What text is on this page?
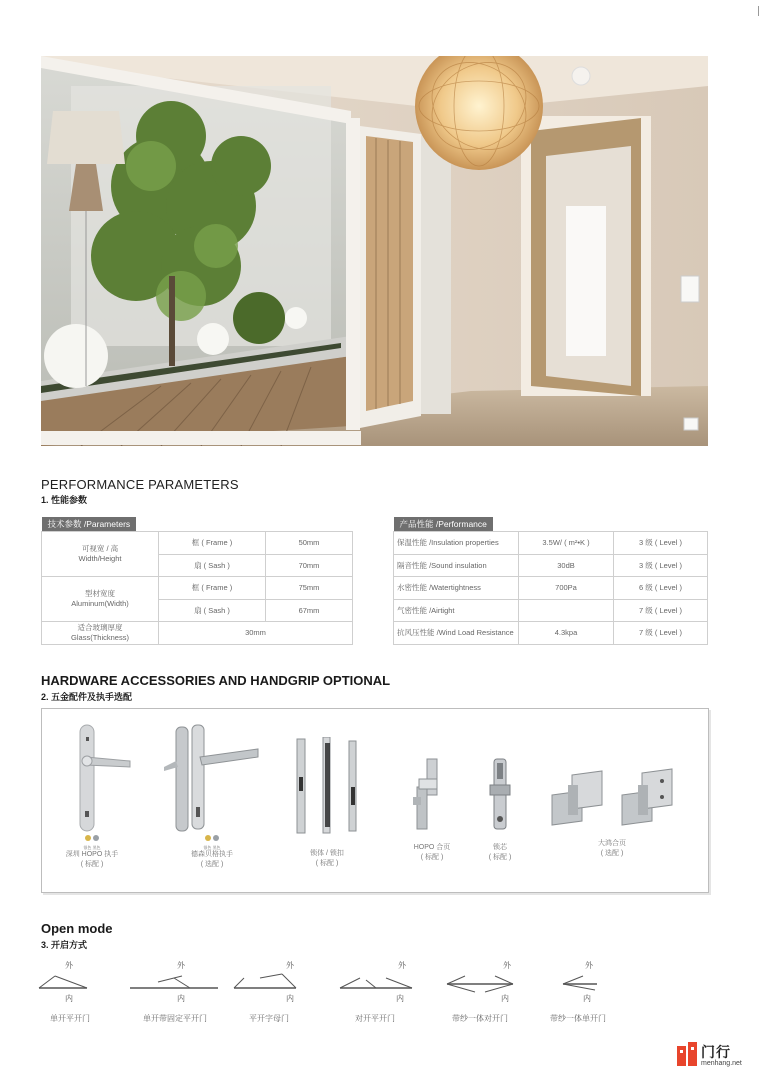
PERFORMANCE PARAMETERS
1. 性能参数
技术参数 /Parameters		

可视宽 / 高
Width/Height	框 ( Frame )	50mm
	扇 ( Sash )	70mm

型材宽度
Aluminum(Width)	框 ( Frame )	75mm
	扇 ( Sash )	67mm

适合玻璃厚度
Glass(Thickness)	30mm	
产品性能 /Performance		
保温性能 /Insulation properties	3.5W/ ( m²•K )	3 级 ( Level )
隔音性能 /Sound insulation	30dB	3 级 ( Level )
水密性能 /Watertightness	700Pa	6 级 ( Level )
气密性能 /Airtight		7 级 ( Level )
抗风压性能 /Wind Load Resistance	4.3kpa	7 级 ( Level )
HARDWARE ACCESSORIES AND HANDGRIP OPTIONAL
2. 五金配件及执手选配

银色 黑色
深圳 HOPO 执手
( 标配 )

银色 黑色
德森贝格执手
( 选配 )
锁体 / 锁扣
( 标配 )
HOPO 合页
( 标配 )
锁芯
( 标配 )
大鸿合页
( 选配 )
Open mode
3. 开启方式
外
内
单开平开门
外
内
单开带固定平开门
外
内
平开字母门
外
内
对开平开门
外
内
带纱一体对开门
外
内
带纱一体单开门
门行
menhang.net
